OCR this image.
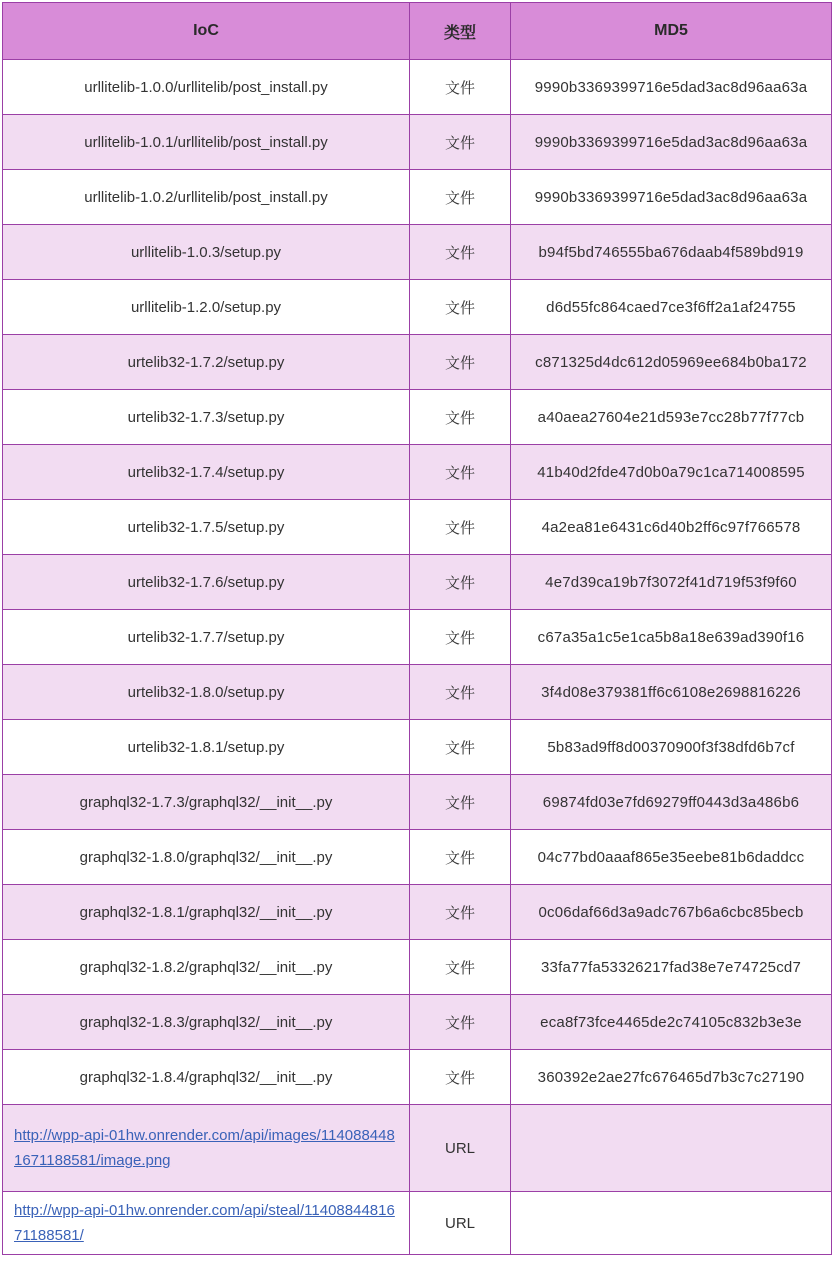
IoC	类型	MD5
urllitelib-1.0.0/urllitelib/post_install.py	文件	9990b3369399716e5dad3ac8d96aa63a
urllitelib-1.0.1/urllitelib/post_install.py	文件	9990b3369399716e5dad3ac8d96aa63a
urllitelib-1.0.2/urllitelib/post_install.py	文件	9990b3369399716e5dad3ac8d96aa63a
urllitelib-1.0.3/setup.py	文件	b94f5bd746555ba676daab4f589bd919
urllitelib-1.2.0/setup.py	文件	d6d55fc864caed7ce3f6ff2a1af24755
urtelib32-1.7.2/setup.py	文件	c871325d4dc612d05969ee684b0ba172
urtelib32-1.7.3/setup.py	文件	a40aea27604e21d593e7cc28b77f77cb
urtelib32-1.7.4/setup.py	文件	41b40d2fde47d0b0a79c1ca714008595
urtelib32-1.7.5/setup.py	文件	4a2ea81e6431c6d40b2ff6c97f766578
urtelib32-1.7.6/setup.py	文件	4e7d39ca19b7f3072f41d719f53f9f60
urtelib32-1.7.7/setup.py	文件	c67a35a1c5e1ca5b8a18e639ad390f16
urtelib32-1.8.0/setup.py	文件	3f4d08e379381ff6c6108e2698816226
urtelib32-1.8.1/setup.py	文件	5b83ad9ff8d00370900f3f38dfd6b7cf
graphql32-1.7.3/graphql32/__init__.py	文件	69874fd03e7fd69279ff0443d3a486b6
graphql32-1.8.0/graphql32/__init__.py	文件	04c77bd0aaaf865e35eebe81b6daddcc
graphql32-1.8.1/graphql32/__init__.py	文件	0c06daf66d3a9adc767b6a6cbc85becb
graphql32-1.8.2/graphql32/__init__.py	文件	33fa77fa53326217fad38e7e74725cd7
graphql32-1.8.3/graphql32/__init__.py	文件	eca8f73fce4465de2c74105c832b3e3e
graphql32-1.8.4/graphql32/__init__.py	文件	360392e2ae27fc676465d7b3c7c27190
http://wpp-api-01hw.onrender.com/api/images/1140884481671188581/image.png	URL	
http://wpp-api-01hw.onrender.com/api/steal/1140884481671188581/	URL	
